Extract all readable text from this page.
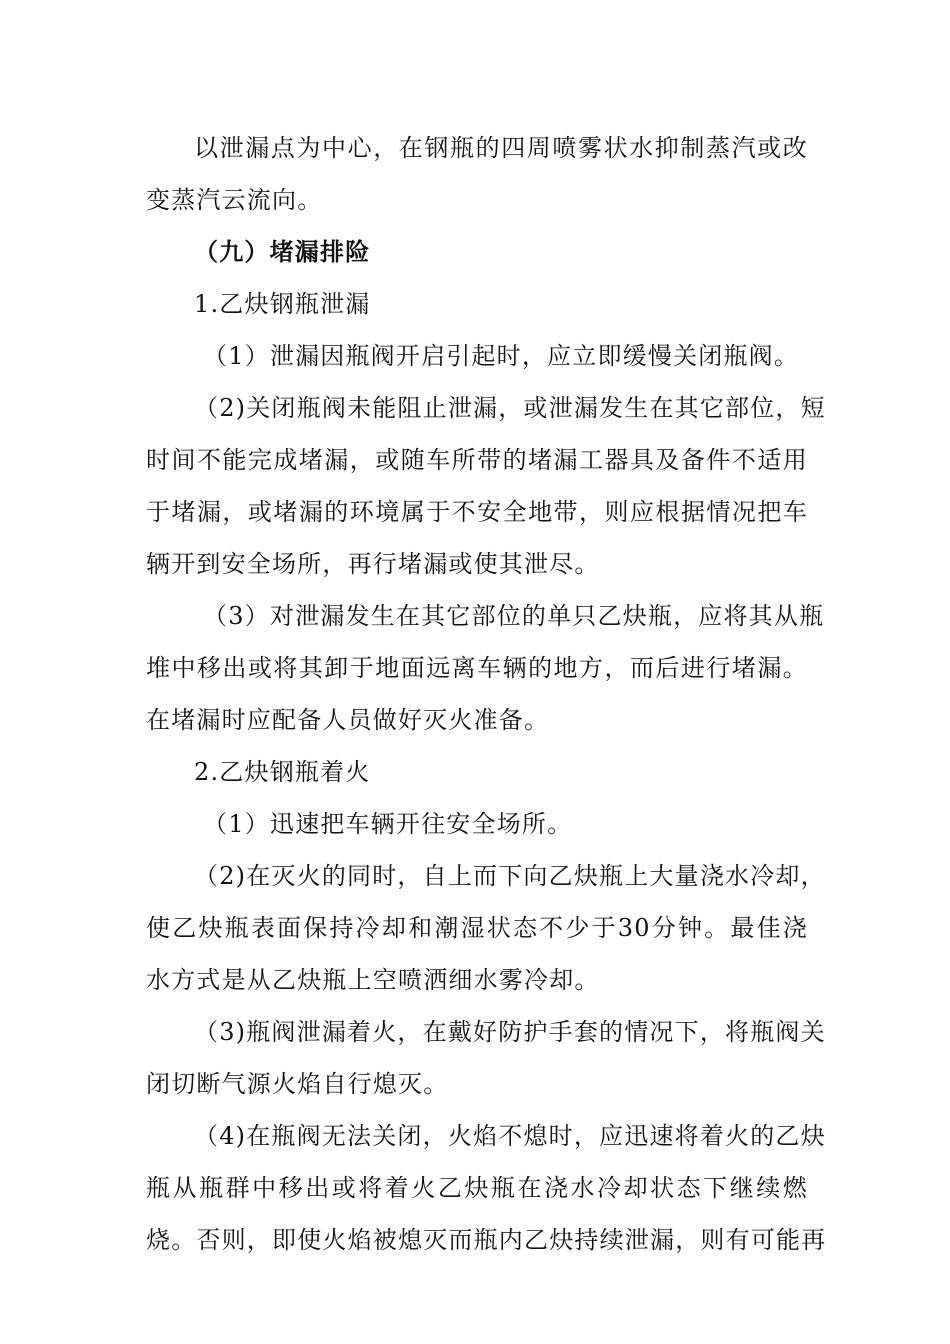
以泄漏点为中心，在钢瓶的四周喷雾状水抑制蒸汽或改
变蒸汽云流向。
（九）堵漏排险
1.乙炔钢瓶泄漏
（1）泄漏因瓶阀开启引起时，应立即缓慢关闭瓶阀。
（2)关闭瓶阀未能阻止泄漏，或泄漏发生在其它部位，短
时间不能完成堵漏，或随车所带的堵漏工器具及备件不适用
于堵漏，或堵漏的环境属于不安全地带，则应根据情况把车
辆开到安全场所，再行堵漏或使其泄尽。
（3）对泄漏发生在其它部位的单只乙炔瓶，应将其从瓶
堆中移出或将其卸于地面远离车辆的地方，而后进行堵漏。
在堵漏时应配备人员做好灭火准备。
2.乙炔钢瓶着火
（1）迅速把车辆开往安全场所。
（2)在灭火的同时，自上而下向乙炔瓶上大量浇水冷却，
使乙炔瓶表面保持冷却和潮湿状态不少于30分钟。最佳浇
水方式是从乙炔瓶上空喷洒细水雾冷却。
（3)瓶阀泄漏着火，在戴好防护手套的情况下，将瓶阀关
闭切断气源火焰自行熄灭。
（4)在瓶阀无法关闭，火焰不熄时，应迅速将着火的乙炔
瓶从瓶群中移出或将着火乙炔瓶在浇水冷却状态下继续燃
烧。否则，即使火焰被熄灭而瓶内乙炔持续泄漏，则有可能再
